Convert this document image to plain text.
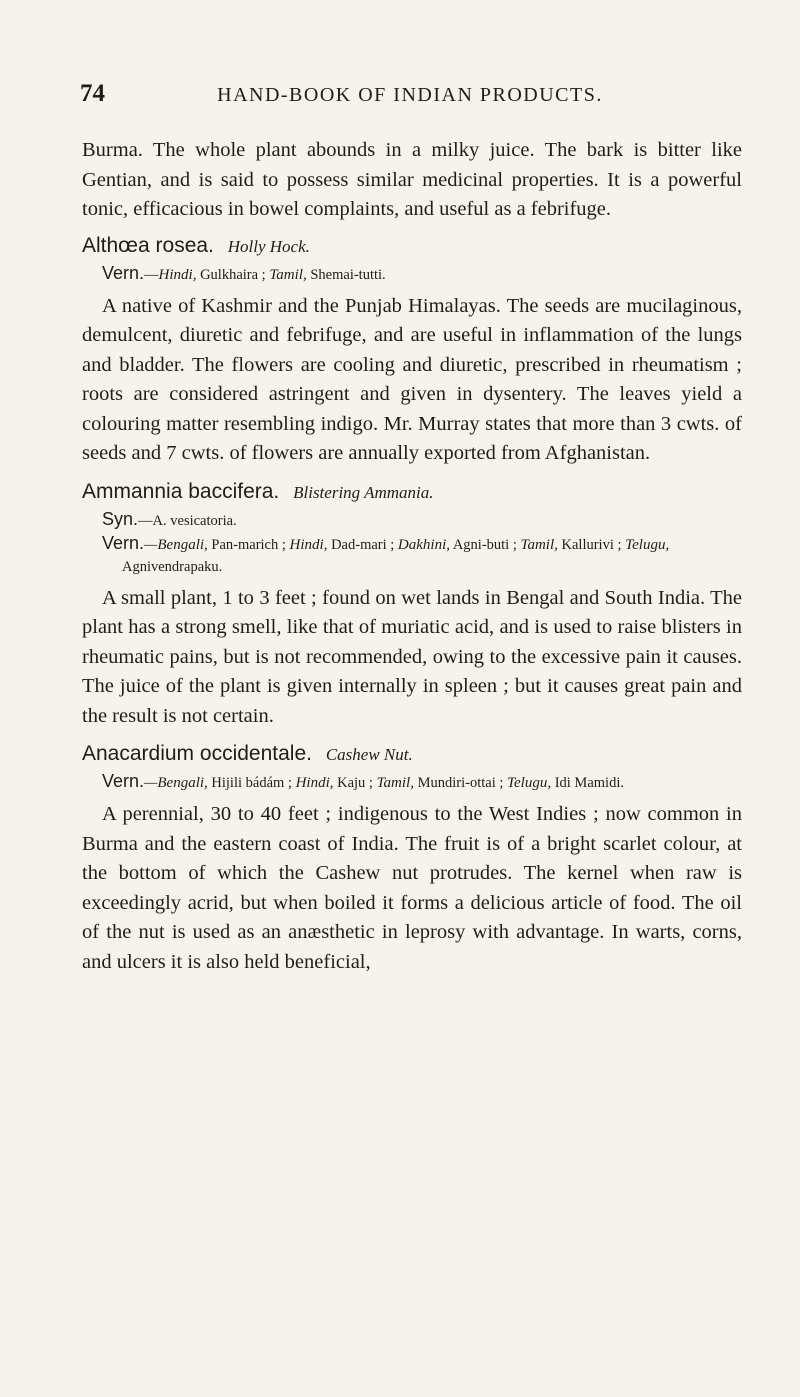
74	HAND-BOOK OF INDIAN PRODUCTS.

Burma. The whole plant abounds in a milky juice. The bark is bitter like Gentian, and is said to possess similar medicinal properties. It is a powerful tonic, efficacious in bowel complaints, and useful as a febrifuge.

Althœa rosea. Holly Hock.
Vern.—Hindi, Gulkhaira ; Tamil, Shemai-tutti.

A native of Kashmir and the Punjab Himalayas. The seeds are mucilaginous, demulcent, diuretic and febrifuge, and are useful in inflammation of the lungs and bladder. The flowers are cooling and diuretic, prescribed in rheumatism ; roots are considered astringent and given in dysentery. The leaves yield a colouring matter resembling indigo. Mr. Murray states that more than 3 cwts. of seeds and 7 cwts. of flowers are annually exported from Afghanistan.

Ammannia baccifera. Blistering Ammania.
Syn.—A. vesicatoria.
Vern.—Bengali, Pan-marich ; Hindi, Dad-mari ; Dakhini, Agni-buti ; Tamil, Kallurivi ; Telugu, Agnivendrapaku.

A small plant, 1 to 3 feet ; found on wet lands in Bengal and South India. The plant has a strong smell, like that of muriatic acid, and is used to raise blisters in rheumatic pains, but is not recommended, owing to the excessive pain it causes. The juice of the plant is given internally in spleen ; but it causes great pain and the result is not certain.

Anacardium occidentale. Cashew Nut.
Vern.—Bengali, Hijili bádám ; Hindi, Kaju ; Tamil, Mundiri-ottai ; Telugu, Idi Mamidi.

A perennial, 30 to 40 feet ; indigenous to the West Indies ; now common in Burma and the eastern coast of India. The fruit is of a bright scarlet colour, at the bottom of which the Cashew nut protrudes. The kernel when raw is exceedingly acrid, but when boiled it forms a delicious article of food. The oil of the nut is used as an anæsthetic in leprosy with advantage. In warts, corns, and ulcers it is also held beneficial,
